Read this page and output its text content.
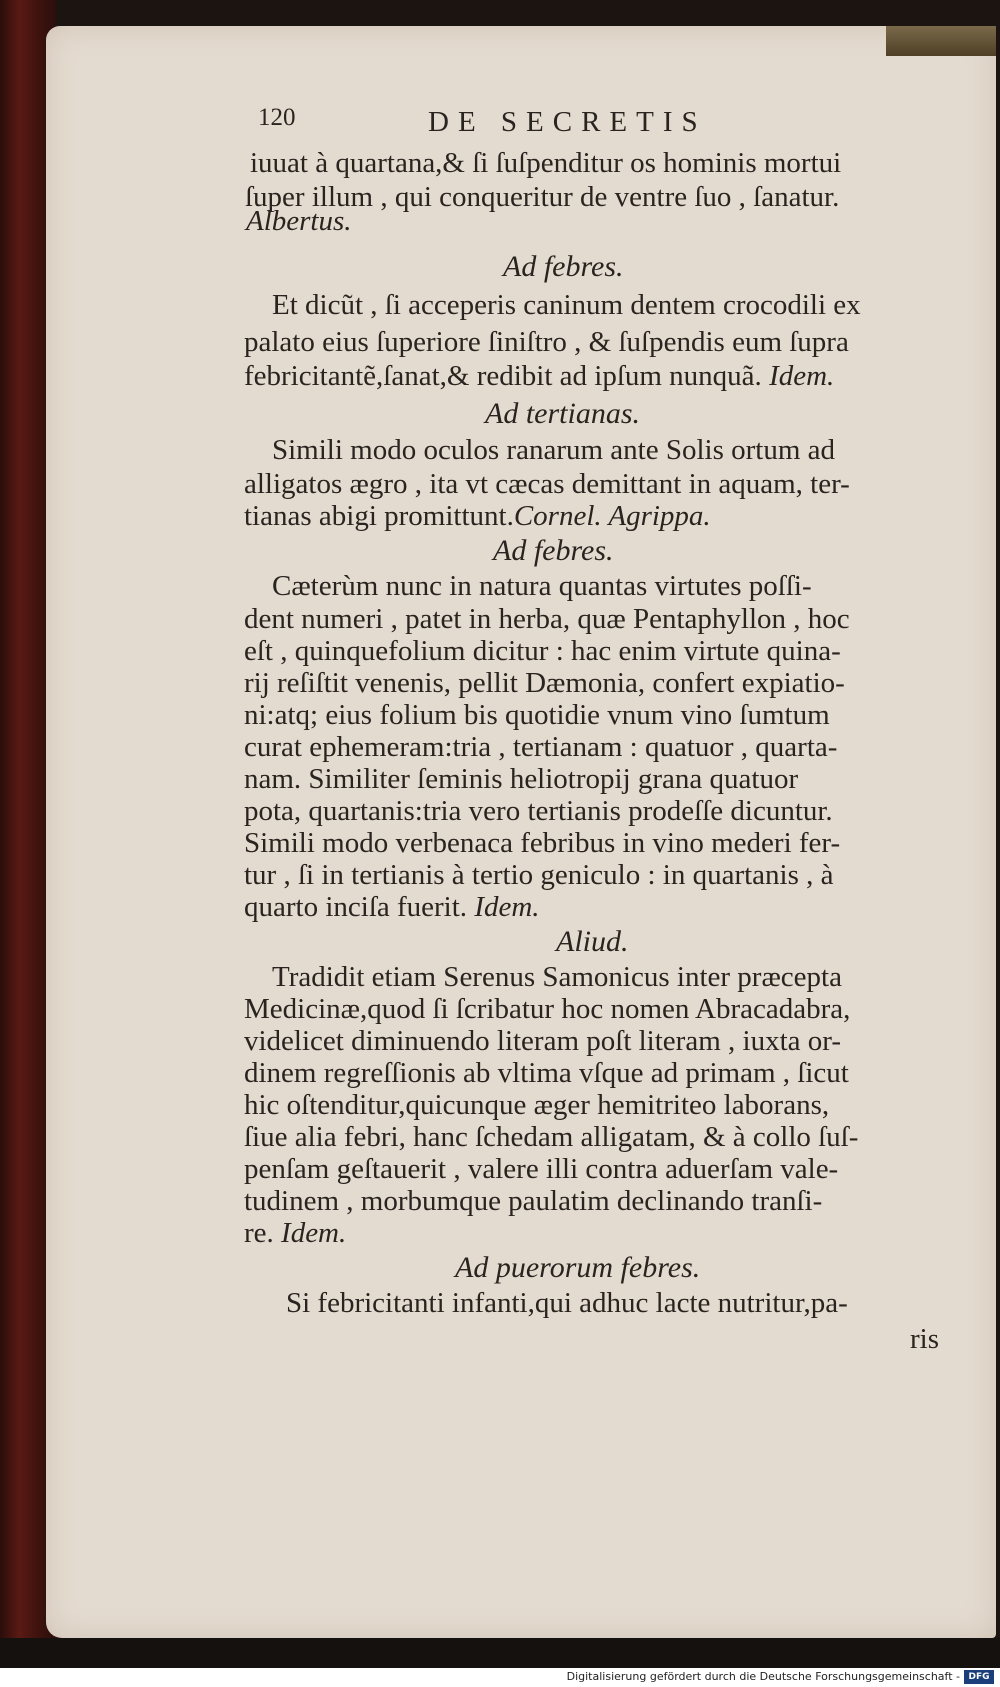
120	DE SECRETIS
iuuat à quartana,& ſi ſuſpenditur os hominis mortui
ſuper illum , qui conqueritur de ventre ſuo , ſanatur.
Albertus.
Ad febres.
Et dicũt , ſi acceperis caninum dentem crocodili ex
palato eius ſuperiore ſiniſtro , & ſuſpendis eum ſupra
febricitantẽ,ſanat,& redibit ad ipſum nunquã. Idem.
Ad tertianas.
Simili modo oculos ranarum ante Solis ortum ad
alligatos ægro , ita vt cæcas demittant in aquam, ter-
tianas abigi promittunt.Cornel. Agrippa.
Ad febres.
Cæterùm nunc in natura quantas virtutes poſſi-
dent numeri , patet in herba, quæ Pentaphyllon , hoc
eſt , quinquefolium dicitur : hac enim virtute quina-
rij reſiſtit venenis, pellit Dæmonia, confert expiatio-
ni:atq; eius folium bis quotidie vnum vino ſumtum
curat ephemeram:tria , tertianam : quatuor , quarta-
nam. Similiter ſeminis heliotropij grana quatuor
pota, quartanis:tria vero tertianis prodeſſe dicuntur.
Simili modo verbenaca febribus in vino mederi fer-
tur , ſi in tertianis à tertio geniculo : in quartanis , à
quarto inciſa fuerit. Idem.
Aliud.
Tradidit etiam Serenus Samonicus inter præcepta
Medicinæ,quod ſi ſcribatur hoc nomen Abracadabra,
videlicet diminuendo literam poſt literam , iuxta or-
dinem regreſſionis ab vltima vſque ad primam , ſicut
hic oſtenditur,quicunque æger hemitriteo laborans,
ſiue alia febri, hanc ſchedam alligatam, & à collo ſuſ-
penſam geſtauerit , valere illi contra aduerſam vale-
tudinem , morbumque paulatim declinando tranſi-
re. Idem.
Ad puerorum febres.
Si febricitanti infanti,qui adhuc lacte nutritur,pa-
ris
Digitalisierung gefördert durch die Deutsche Forschungsgemeinschaft - DFG
